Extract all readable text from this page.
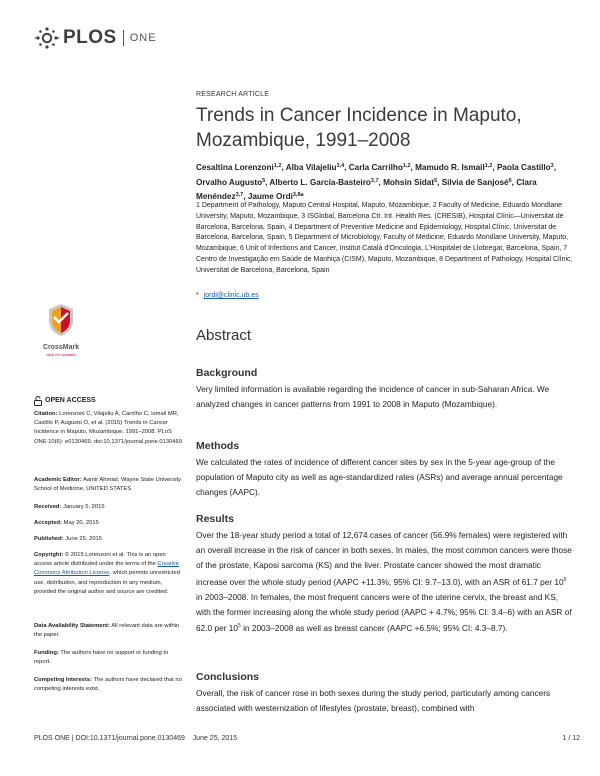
PLOS ONE
RESEARCH ARTICLE
Trends in Cancer Incidence in Maputo,
Mozambique, 1991–2008
Cesaltina Lorenzoni$^{1,2}$, Alba Vilajeliu$^{3,4}$, Carla Carrilho$^{1,2}$, Mamudo R. Ismail$^{1,2}$, Paola Castillo$^3$, Orvalho Augusto$^5$, Alberto L. García-Basteiro$^{3,7}$, Mohsin Sidat$^5$, Silvia de Sanjosé$^6$, Clara Menéndez$^{3,7}$, Jaume Ordi$^{3,8}$*
1 Department of Pathology, Maputo Central Hospital, Maputo, Mozambique, 2 Faculty of Medicine, Eduardo Mondlane University, Maputo, Mozambique, 3 ISGlobal, Barcelona Ctr. Int. Health Res. (CRESIB), Hospital Clínic—Universitat de Barcelona, Barcelona, Spain, 4 Department of Preventive Medicine and Epidemiology, Hospital Clínic, Universitat de Barcelona, Barcelona, Spain, 5 Department of Microbiology, Faculty of Medicine, Eduardo Mondlane University, Maputo, Mozambique, 6 Unit of Infections and Cancer, Institut Català d'Oncologia, L'Hospitalet de Llobregat, Barcelona, Spain, 7 Centro de Investigação em Saúde de Manhiça (CISM), Maputo, Mozambique, 8 Department of Pathology, Hospital Clínic, Universitat de Barcelona, Barcelona, Spain
* jordi@clinic.ub.es
Abstract
Background

Very limited information is available regarding the incidence of cancer in sub-Saharan Africa. We analyzed changes in cancer patterns from 1991 to 2008 in Maputo (Mozambique).

Methods

We calculated the rates of incidence of different cancer sites by sex in the 5-year age-group of the population of Maputo city as well as age-standardized rates (ASRs) and average annual percentage changes (AAPC).

Results

Over the 18-year study period a total of 12,674 cases of cancer (56.9% females) were registered with an overall increase in the risk of cancer in both sexes. In males, the most common cancers were those of the prostate, Kaposi sarcoma (KS) and the liver. Prostate cancer showed the most dramatic increase over the whole study period (AAPC +11.3%; 95% CI: 9.7–13.0), with an ASR of 61.7 per $10^5$ in 2003–2008. In females, the most frequent cancers were of the uterine cervix, the breast and KS, with the former increasing along the whole study period (AAPC + 4.7%; 95% CI: 3.4–6) with an ASR of 62.0 per $10^5$ in 2003–2008 as well as breast cancer (AAPC +6.5%; 95% CI: 4.3–8.7).

Conclusions

Overall, the risk of cancer rose in both sexes during the study period, particularly among cancers associated with westernization of lifestyles (prostate, breast), combined with

CrossMark
click for updates
OPEN ACCESS
Citation: Lorenzoni C, Vilajeliu A, Carrilho C, Ismail MR, Castillo P, Augusto O, et al. (2015) Trends in Cancer Incidence in Maputo, Mozambique, 1991–2008. PLoS ONE 10(6): e0130469. doi:10.1371/journal.pone.0130469
Academic Editor: Aamir Ahmad, Wayne State University School of Medicine, UNITED STATES
Received: January 5, 2015
Accepted: May 20, 2015
Published: June 25, 2015
Copyright: © 2015 Lorenzoni et al. This is an open access article distributed under the terms of the Creative Commons Attribution License, which permits unrestricted use, distribution, and reproduction in any medium, provided the original author and source are credited.
Data Availability Statement: All relevant data are within the paper.
Funding: The authors have no support or funding to report.
Competing Interests: The authors have declared that no competing interests exist.
PLOS ONE | DOI:10.1371/journal.pone.0130469 June 25, 2015	1 / 12
